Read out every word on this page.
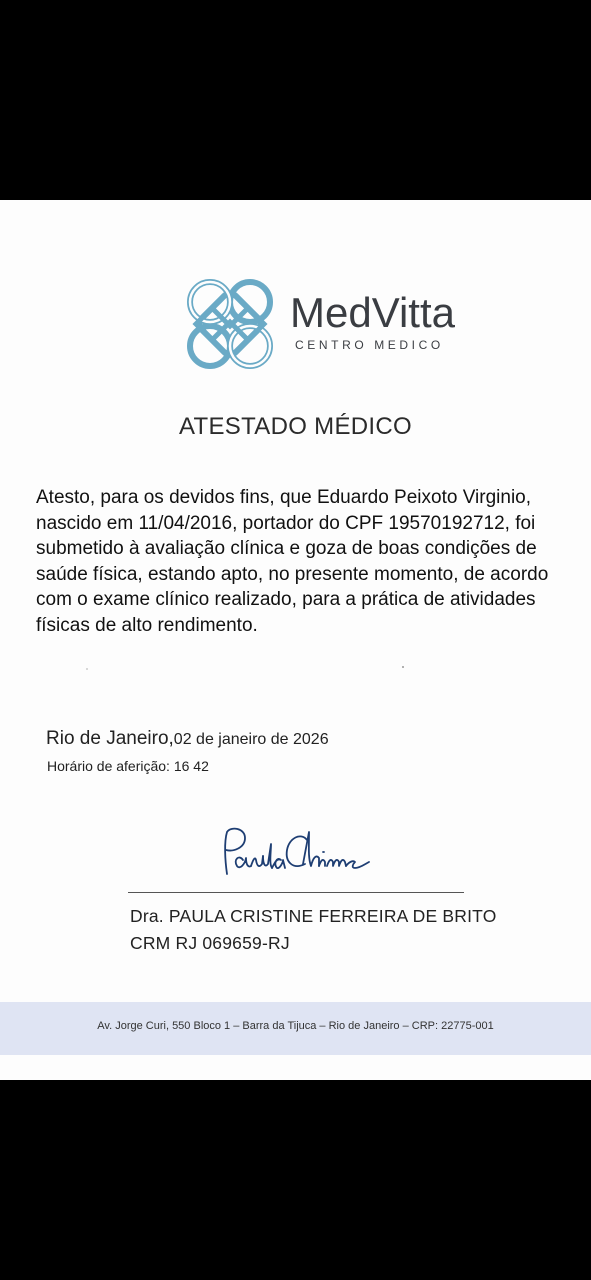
MedVitta
CENTRO MEDICO
ATESTADO MÉDICO
Atesto, para os devidos fins, que Eduardo Peixoto Virginio,
nascido em 11/04/2016, portador do CPF 19570192712, foi
submetido à avaliação clínica e goza de boas condições de
saúde física, estando apto, no presente momento, de acordo
com o exame clínico realizado, para a prática de atividades
físicas de alto rendimento.
Rio de Janeiro,02 de janeiro de 2026
Horário de aferição: 16 42
Dra. PAULA CRISTINE FERREIRA DE BRITO
CRM RJ 069659-RJ
Av. Jorge Curi, 550 Bloco 1 – Barra da Tijuca – Rio de Janeiro – CRP: 22775-001
